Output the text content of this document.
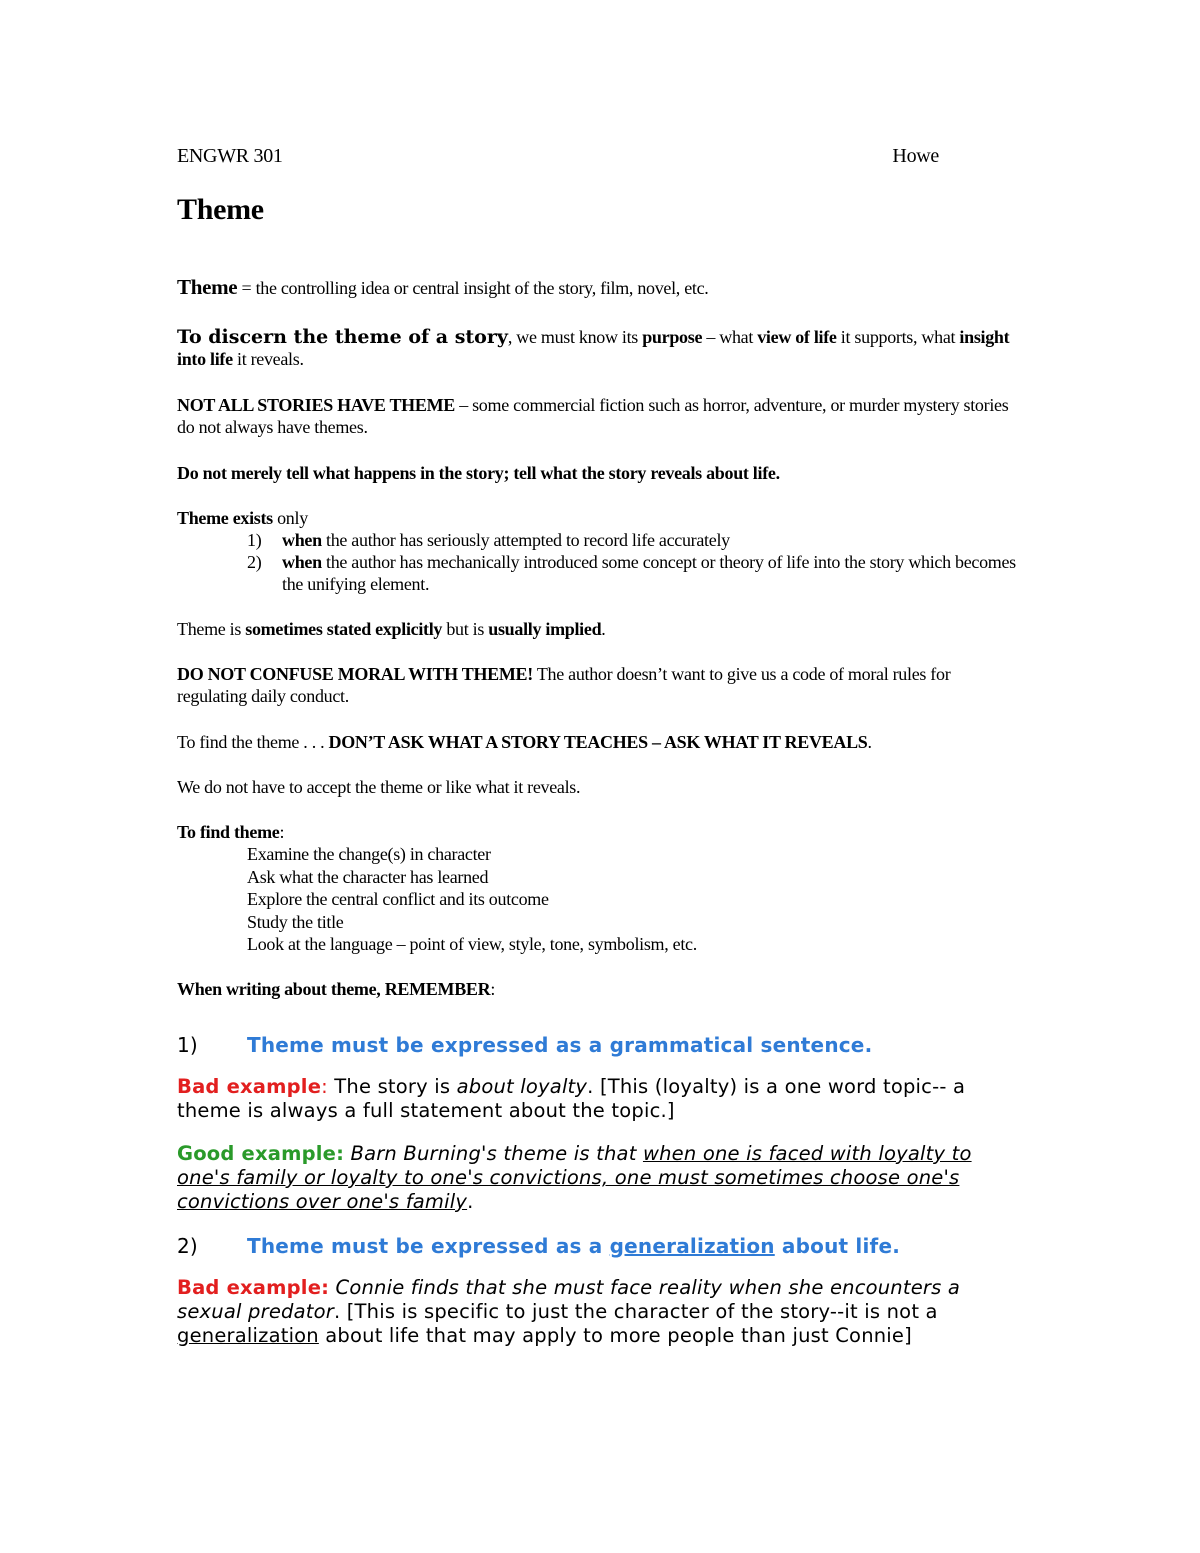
ENGWR 301	Howe
Theme
Theme = the controlling idea or central insight of the story, film, novel, etc.
To discern the theme of a story, we must know its purpose – what view of life it supports, what insight into life it reveals.
NOT ALL STORIES HAVE THEME – some commercial fiction such as horror, adventure, or murder mystery stories do not always have themes.
Do not merely tell what happens in the story; tell what the story reveals about life.
Theme exists only
1) when the author has seriously attempted to record life accurately
2) when the author has mechanically introduced some concept or theory of life into the story which becomes the unifying element.
Theme is sometimes stated explicitly but is usually implied.
DO NOT CONFUSE MORAL WITH THEME! The author doesn’t want to give us a code of moral rules for regulating daily conduct.
To find the theme . . . DON’T ASK WHAT A STORY TEACHES – ASK WHAT IT REVEALS.
We do not have to accept the theme or like what it reveals.
To find theme:
Examine the change(s) in character
Ask what the character has learned
Explore the central conflict and its outcome
Study the title
Look at the language – point of view, style, tone, symbolism, etc.
When writing about theme, REMEMBER:
1) Theme must be expressed as a grammatical sentence.
Bad example: The story is about loyalty. [This (loyalty) is a one word topic-- a theme is always a full statement about the topic.]
Good example: Barn Burning's theme is that when one is faced with loyalty to one's family or loyalty to one's convictions, one must sometimes choose one's convictions over one's family.
2) Theme must be expressed as a generalization about life.
Bad example: Connie finds that she must face reality when she encounters a sexual predator. [This is specific to just the character of the story--it is not a generalization about life that may apply to more people than just Connie]
